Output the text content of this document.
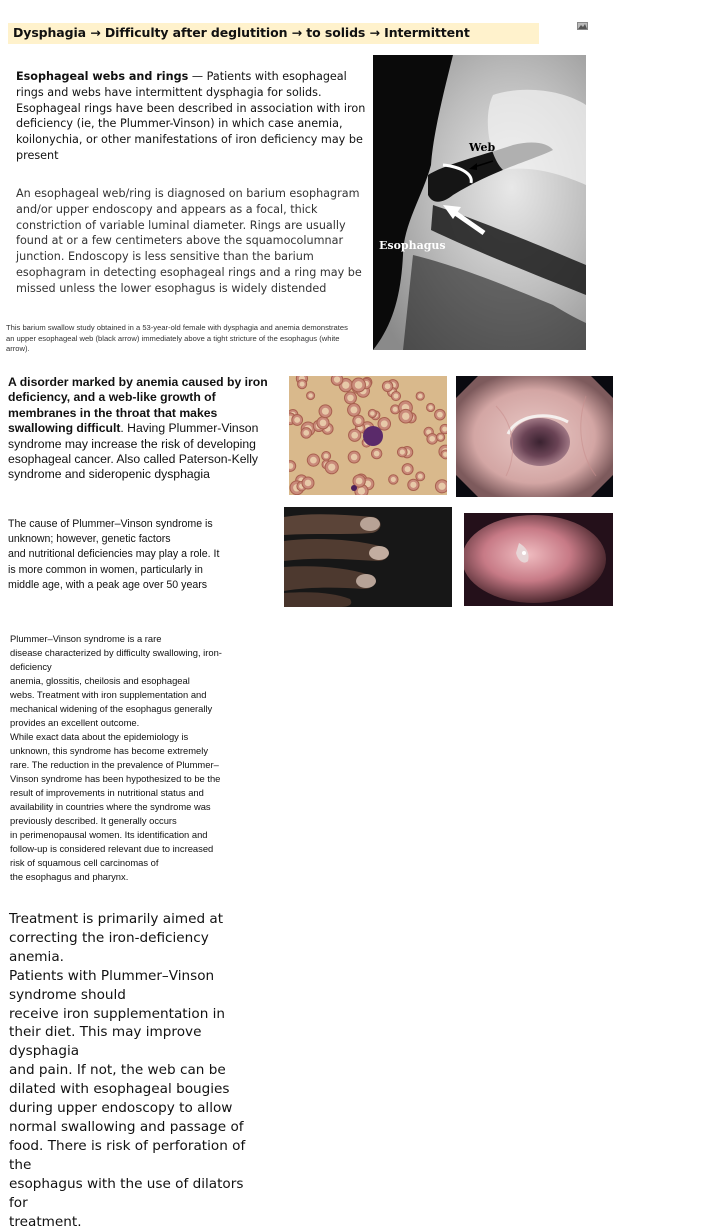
Dysphagia → Difficulty after deglutition → to solids → Intermittent
Esophageal webs and rings — Patients with esophageal rings and webs have intermittent dysphagia for solids. Esophageal rings have been described in association with iron deficiency (ie, the Plummer-Vinson) in which case anemia, koilonychia, or other manifestations of iron deficiency may be present
An esophageal web/ring is diagnosed on barium esophagram and/or upper endoscopy and appears as a focal, thick constriction of variable luminal diameter. Rings are usually found at or a few centimeters above the squamocolumnar junction. Endoscopy is less sensitive than the barium esophagram in detecting esophageal rings and a ring may be missed unless the lower esophagus is widely distended
This barium swallow study obtained in a 53-year-old female with dysphagia and anemia demonstrates an upper esophageal web (black arrow) immediately above a tight stricture of the esophagus (white arrow).
Web
Esophagus
A disorder marked by anemia caused by iron deficiency, and a web-like growth of membranes in the throat that makes swallowing difficult. Having Plummer-Vinson syndrome may increase the risk of developing esophageal cancer. Also called Paterson-Kelly syndrome and sideropenic dysphagia
The cause of Plummer–Vinson syndrome is
unknown; however, genetic factors
and nutritional deficiencies may play a role. It
is more common in women, particularly in
middle age, with a peak age over 50 years
Plummer–Vinson syndrome is a rare
disease characterized by difficulty swallowing, iron-
deficiency
anemia, glossitis, cheilosis and esophageal
webs. Treatment with iron supplementation and
mechanical widening of the esophagus generally
provides an excellent outcome.
While exact data about the epidemiology is
unknown, this syndrome has become extremely
rare. The reduction in the prevalence of Plummer–
Vinson syndrome has been hypothesized to be the
result of improvements in nutritional status and
availability in countries where the syndrome was
previously described. It generally occurs
in perimenopausal women. Its identification and
follow-up is considered relevant due to increased
risk of squamous cell carcinomas of
the esophagus and pharynx.
Treatment is primarily aimed at
correcting the iron-deficiency anemia.
Patients with Plummer–Vinson
syndrome should
receive iron supplementation in
their diet. This may improve dysphagia
and pain. If not, the web can be
dilated with esophageal bougies
during upper endoscopy to allow
normal swallowing and passage of
food. There is risk of perforation of the
esophagus with the use of dilators for
treatment.
